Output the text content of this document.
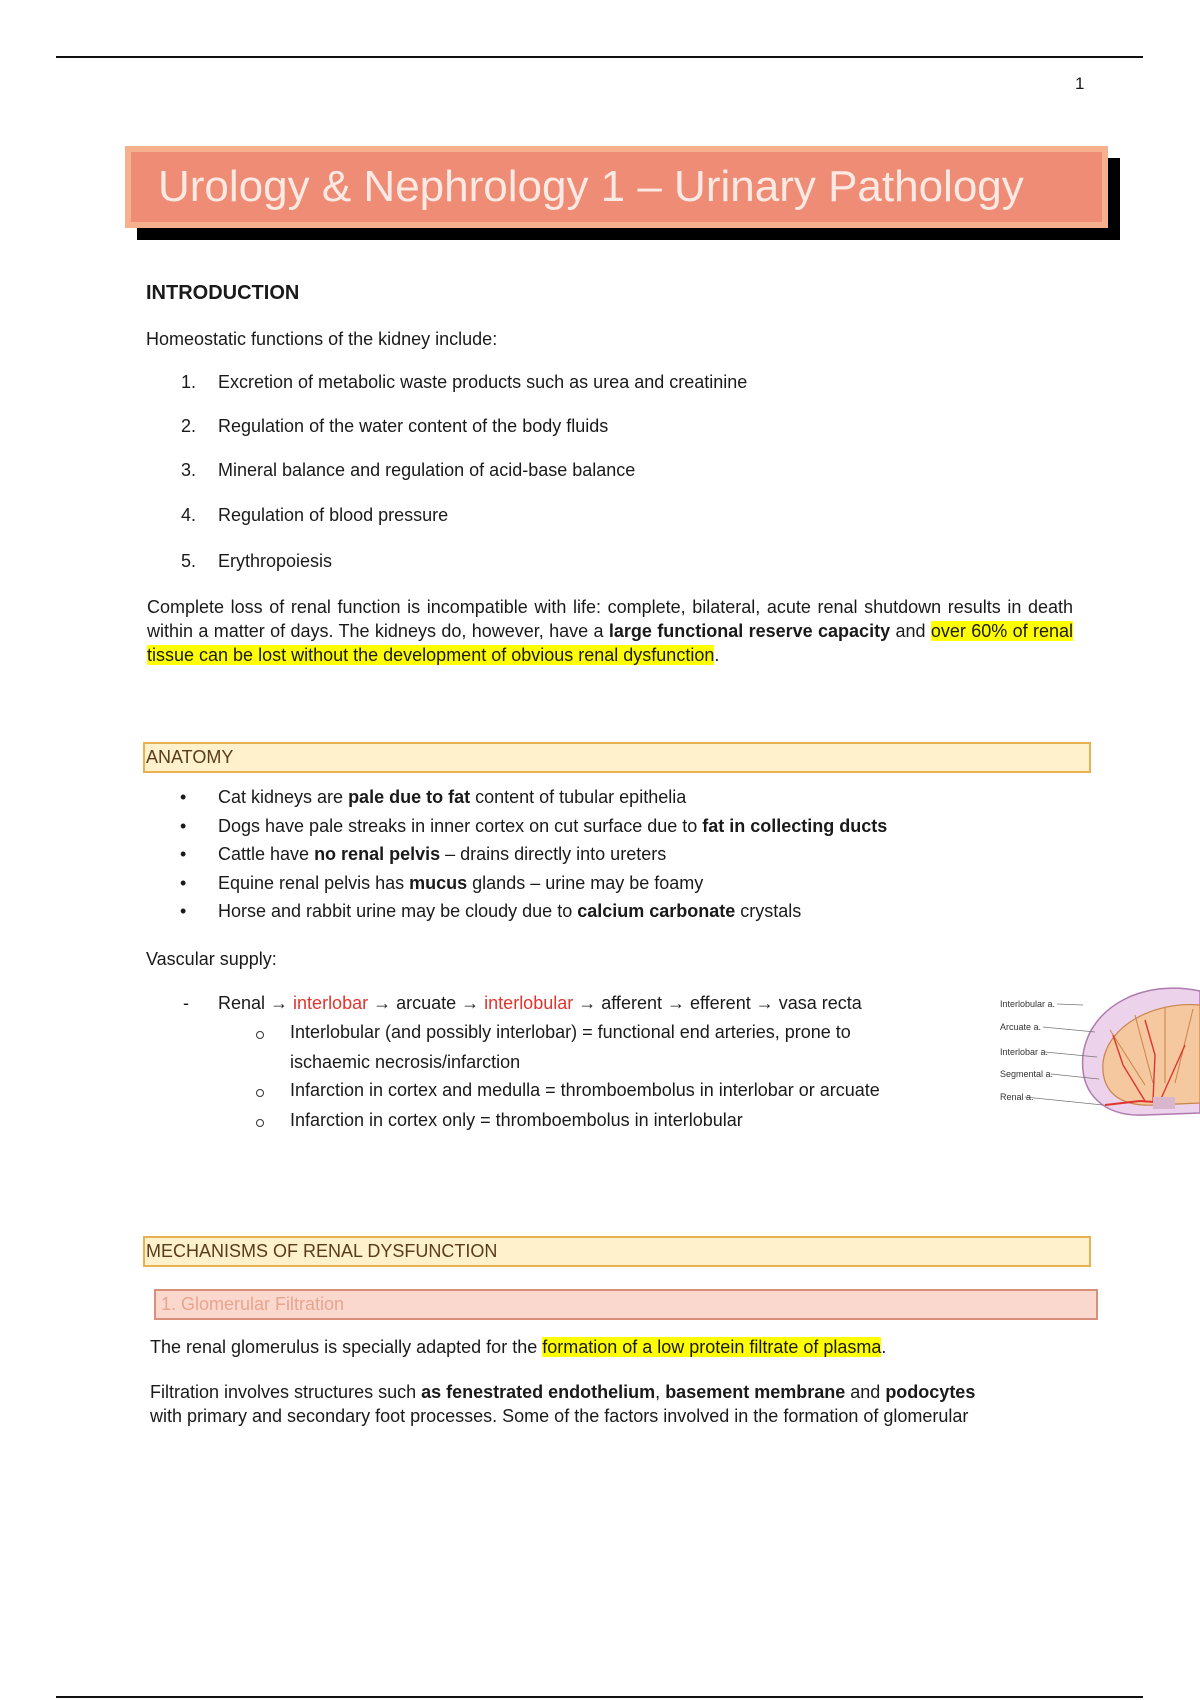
1
Urology & Nephrology 1 – Urinary Pathology
INTRODUCTION
Homeostatic functions of the kidney include:
1. Excretion of metabolic waste products such as urea and creatinine
2. Regulation of the water content of the body fluids
3. Mineral balance and regulation of acid-base balance
4. Regulation of blood pressure
5. Erythropoiesis
Complete loss of renal function is incompatible with life: complete, bilateral, acute renal shutdown results in death within a matter of days. The kidneys do, however, have a large functional reserve capacity and over 60% of renal tissue can be lost without the development of obvious renal dysfunction.
ANATOMY
• Cat kidneys are pale due to fat content of tubular epithelia
• Dogs have pale streaks in inner cortex on cut surface due to fat in collecting ducts
• Cattle have no renal pelvis – drains directly into ureters
• Equine renal pelvis has mucus glands – urine may be foamy
• Horse and rabbit urine may be cloudy due to calcium carbonate crystals
Vascular supply:
- Renal → interlobar → arcuate → interlobular → afferent → efferent → vasa recta
Interlobular (and possibly interlobar) = functional end arteries, prone to
ischaemic necrosis/infarction
Infarction in cortex and medulla = thromboembolus in interlobar or arcuate
Infarction in cortex only = thromboembolus in interlobular
Interlobular a.
Arcuate a.
Interlobar a.
Segmental a.
Renal a.
MECHANISMS OF RENAL DYSFUNCTION
1. Glomerular Filtration
The renal glomerulus is specially adapted for the formation of a low protein filtrate of plasma.
Filtration involves structures such as fenestrated endothelium, basement membrane and podocytes
with primary and secondary foot processes. Some of the factors involved in the formation of glomerular
